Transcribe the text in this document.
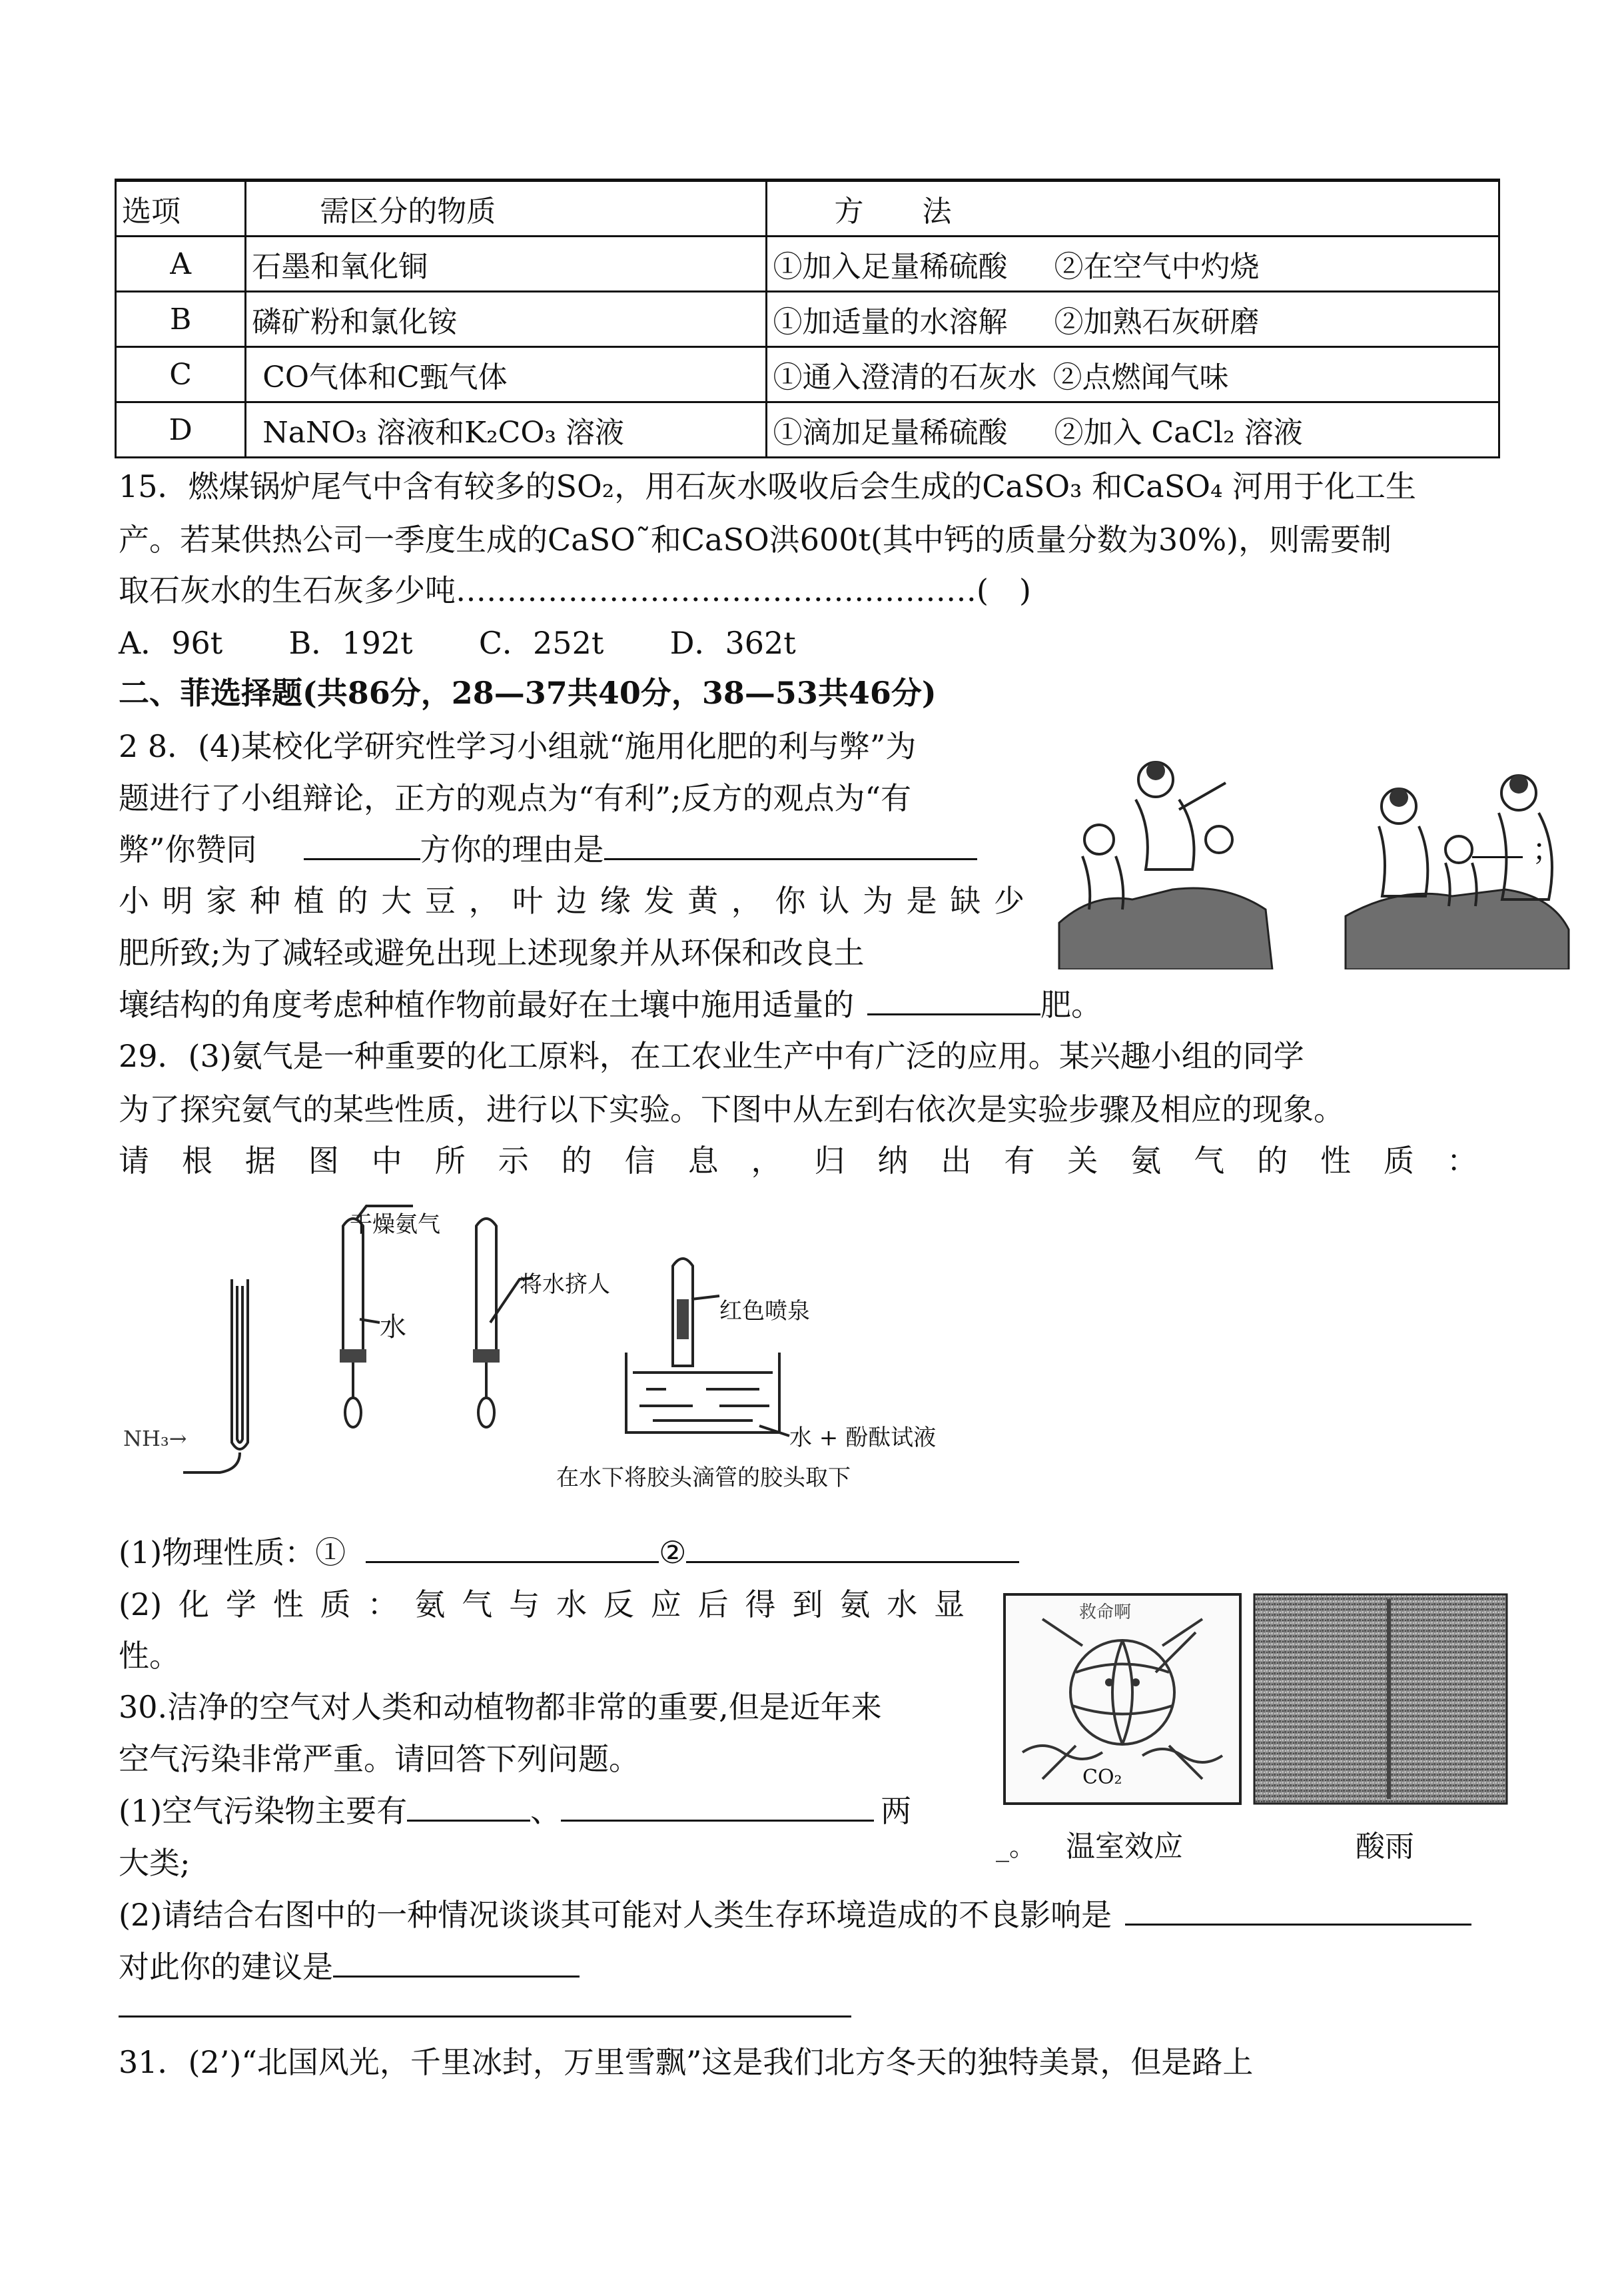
选项	需区分的物质	方　　法
A	石墨和氧化铜	①加入足量稀硫酸 ②在空气中灼烧
B	磷矿粉和氯化铵	①加适量的水溶解 ②加熟石灰研磨
C	CO气体和C甄气体	①通入澄清的石灰水 ②点燃闻气味
D	NaNO₃ 溶液和K₂CO₃ 溶液	①滴加足量稀硫酸 ②加入 CaCl₂ 溶液
15．燃煤锅炉尾气中含有较多的SO₂，用石灰水吸收后会生成的CaSO₃ 和CaSO₄ 河用于化工生
产。若某供热公司一季度生成的CaSO˜和CaSO洪600t(其中钙的质量分数为30%)，则需要制
取石灰水的生石灰多少吨……………………………………………(　)
A．96t B．192t C．252t D．362t
二、菲选择题(共86分，28—37共40分，38—53共46分)
2 8．(4)某校化学研究性学习小组就“施用化肥的利与弊”为
题进行了小组辩论，正方的观点为“有利”;反方的观点为“有
弊”你赞同	方你的理由是	；
小明家种植的大豆，叶边缘发黄，你认为是缺少
肥所致;为了减轻或避免出现上述现象并从环保和改良土
壤结构的角度考虑种植作物前最好在土壤中施用适量的	肥。
29．(3)氨气是一种重要的化工原料，在工农业生产中有广泛的应用。某兴趣小组的同学
为了探究氨气的某些性质，进行以下实验。下图中从左到右依次是实验步骤及相应的现象。
请根据图中所示的信息，归纳出有关氨气的性质：
干燥氨气
水
将水挤人
红色喷泉
水 + 酚酞试液
NH₃→
在水下将胶头滴管的胶头取下
(1)物理性质：①	②
(2)化学性质：氨气与水反应后得到氨水显
性。
30.洁净的空气对人类和动植物都非常的重要,但是近年来
空气污染非常严重。请回答下列问题。
(1)空气污染物主要有	、	两
大类;
(2)请结合右图中的一种情况谈谈其可能对人类生存环境造成的不良影响是
对此你的建议是
救命啊
CO₂
_。 温室效应	酸雨
31．(2’)“北国风光，千里冰封，万里雪飘”这是我们北方冬天的独特美景，但是路上
